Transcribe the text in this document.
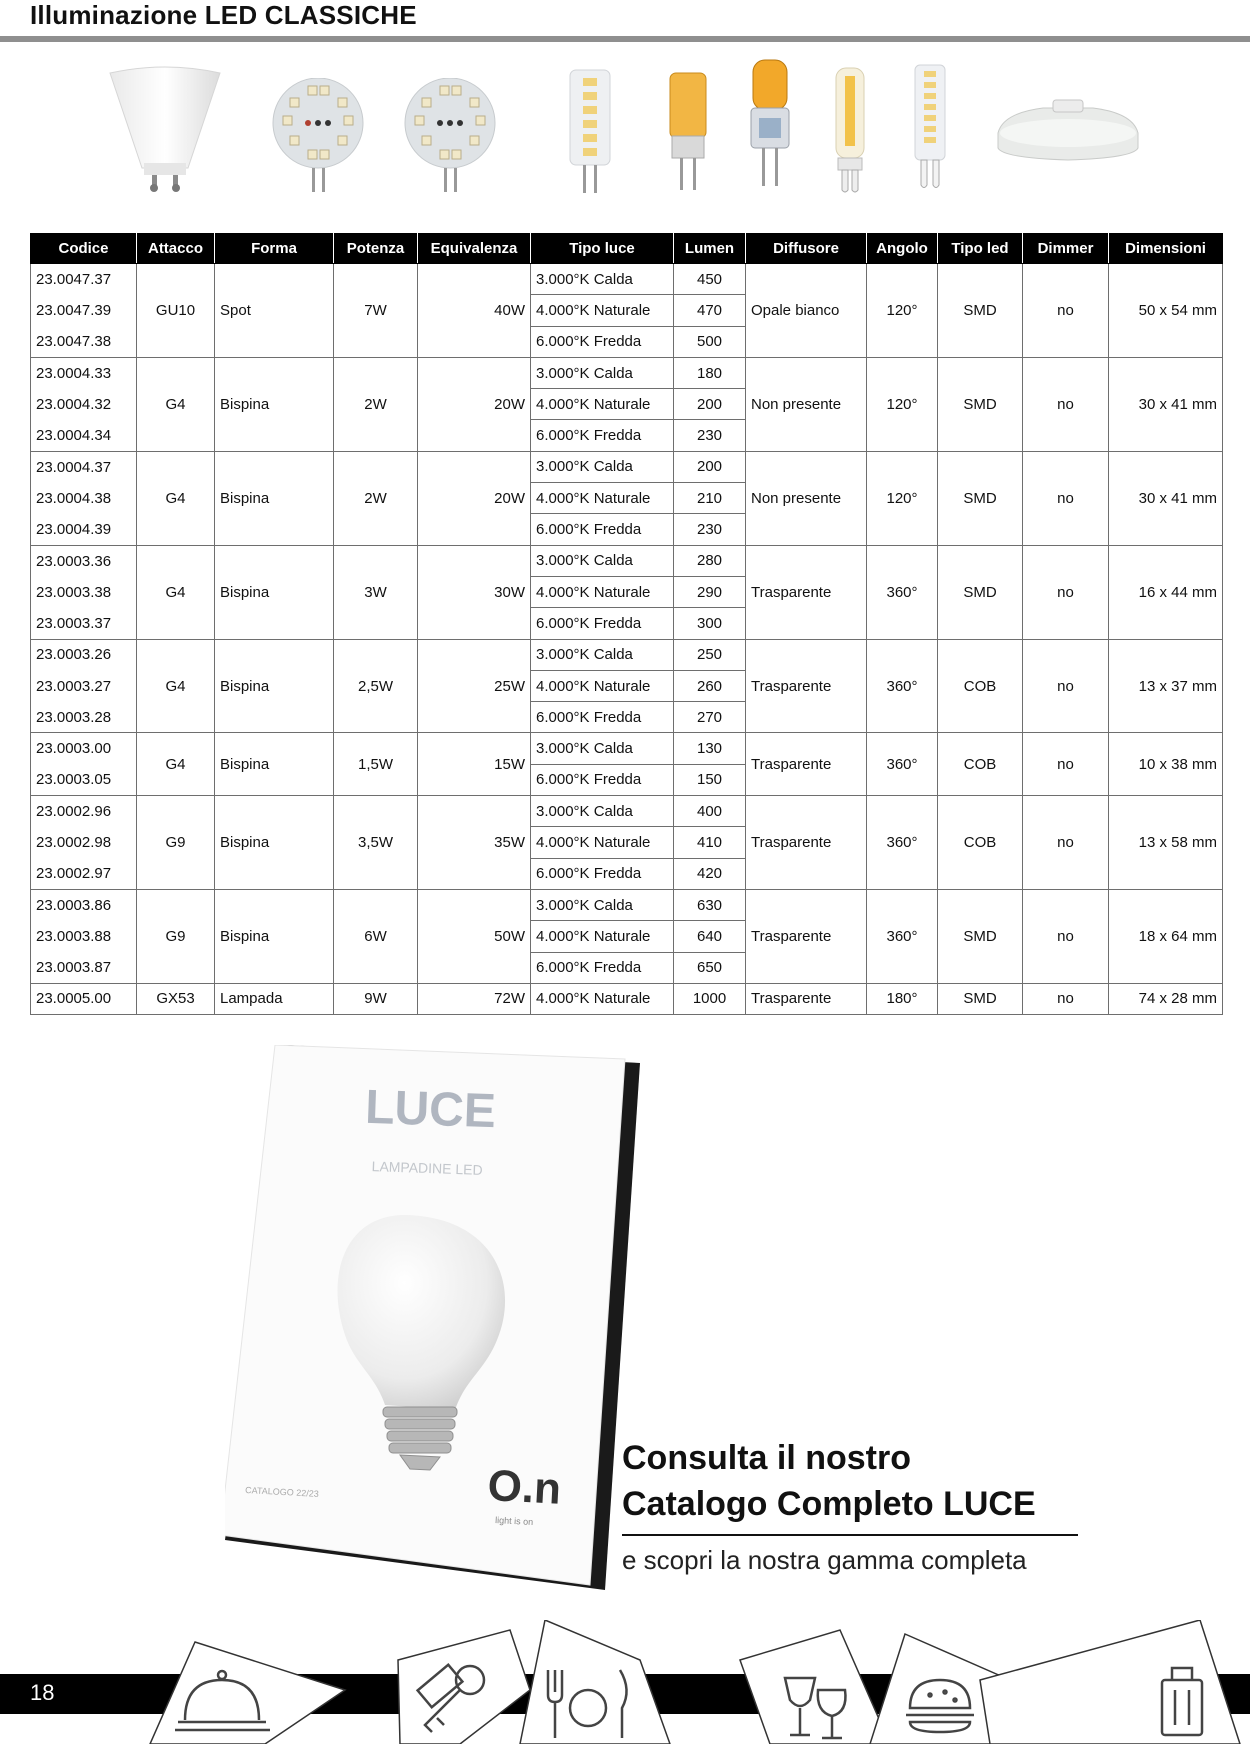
Illuminazione LED CLASSICHE
Codice	Attacco	Forma	Potenza	Equivalenza	Tipo luce	Lumen	Diffusore	Angolo	Tipo led	Dimmer	Dimensioni
23.0047.37	GU10	Spot	7W	40W	3.000°K Calda	450	Opale bianco	120°	SMD	no	50 x 54 mm
23.0047.39					4.000°K Naturale	470					
23.0047.38					6.000°K Fredda	500					
23.0004.33	G4	Bispina	2W	20W	3.000°K Calda	180	Non presente	120°	SMD	no	30 x 41 mm
23.0004.32					4.000°K Naturale	200					
23.0004.34					6.000°K Fredda	230					
23.0004.37	G4	Bispina	2W	20W	3.000°K Calda	200	Non presente	120°	SMD	no	30 x 41 mm
23.0004.38					4.000°K Naturale	210					
23.0004.39					6.000°K Fredda	230					
23.0003.36	G4	Bispina	3W	30W	3.000°K Calda	280	Trasparente	360°	SMD	no	16 x 44 mm
23.0003.38					4.000°K Naturale	290					
23.0003.37					6.000°K Fredda	300					
23.0003.26	G4	Bispina	2,5W	25W	3.000°K Calda	250	Trasparente	360°	COB	no	13 x 37 mm
23.0003.27					4.000°K Naturale	260					
23.0003.28					6.000°K Fredda	270					
23.0003.00	G4	Bispina	1,5W	15W	3.000°K Calda	130	Trasparente	360°	COB	no	10 x 38 mm
23.0003.05					6.000°K Fredda	150					
23.0002.96	G9	Bispina	3,5W	35W	3.000°K Calda	400	Trasparente	360°	COB	no	13 x 58 mm
23.0002.98					4.000°K Naturale	410					
23.0002.97					6.000°K Fredda	420					
23.0003.86	G9	Bispina	6W	50W	3.000°K Calda	630	Trasparente	360°	SMD	no	18 x 64 mm
23.0003.88					4.000°K Naturale	640					
23.0003.87					6.000°K Fredda	650					
23.0005.00	GX53	Lampada	9W	72W	4.000°K Naturale	1000	Trasparente	180°	SMD	no	74 x 28 mm
LUCE
LAMPADINE LED
O.n
light is on
CATALOGO 22/23
Consulta il nostro
Catalogo Completo LUCE
e scopri la nostra gamma completa
18
